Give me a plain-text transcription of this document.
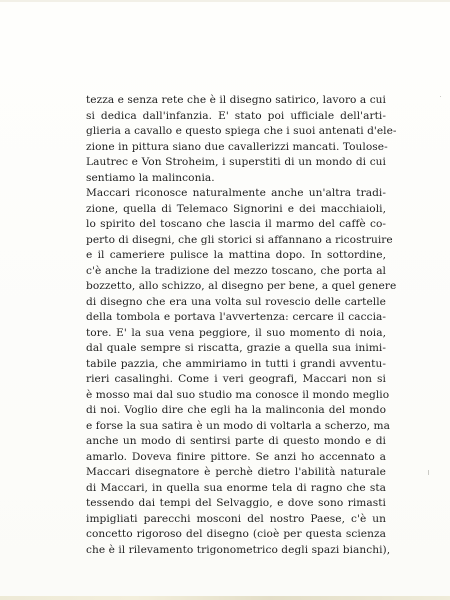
tezza e senza rete che è il disegno satirico, lavoro a cui
si dedica dall'infanzia. E' stato poi ufficiale dell'arti-
glieria a cavallo e questo spiega che i suoi antenati d'ele-
zione in pittura siano due cavallerizzi mancati. Toulose-
Lautrec e Von Stroheim, i superstiti di un mondo di cui
sentiamo la malinconia.
Maccari riconosce naturalmente anche un'altra tradi-
zione, quella di Telemaco Signorini e dei macchiaioli,
lo spirito del toscano che lascia il marmo del caffè co-
perto di disegni, che gli storici si affannano a ricostruire
e il cameriere pulisce la mattina dopo. In sottordine,
c'è anche la tradizione del mezzo toscano, che porta al
bozzetto, allo schizzo, al disegno per bene, a quel genere
di disegno che era una volta sul rovescio delle cartelle
della tombola e portava l'avvertenza: cercare il caccia-
tore. E' la sua vena peggiore, il suo momento di noia,
dal quale sempre si riscatta, grazie a quella sua inimi-
tabile pazzia, che ammiriamo in tutti i grandi avventu-
rieri casalinghi. Come i veri geografi, Maccari non si
è mosso mai dal suo studio ma conosce il mondo meglio
di noi. Voglio dire che egli ha la malinconia del mondo
e forse la sua satira è un modo di voltarla a scherzo, ma
anche un modo di sentirsi parte di questo mondo e di
amarlo. Doveva finire pittore. Se anzi ho accennato a
Maccari disegnatore è perchè dietro l'abilità naturale
di Maccari, in quella sua enorme tela di ragno che sta
tessendo dai tempi del Selvaggio, e dove sono rimasti
impigliati parecchi mosconi del nostro Paese, c'è un
concetto rigoroso del disegno (cioè per questa scienza
che è il rilevamento trigonometrico degli spazi bianchi),
